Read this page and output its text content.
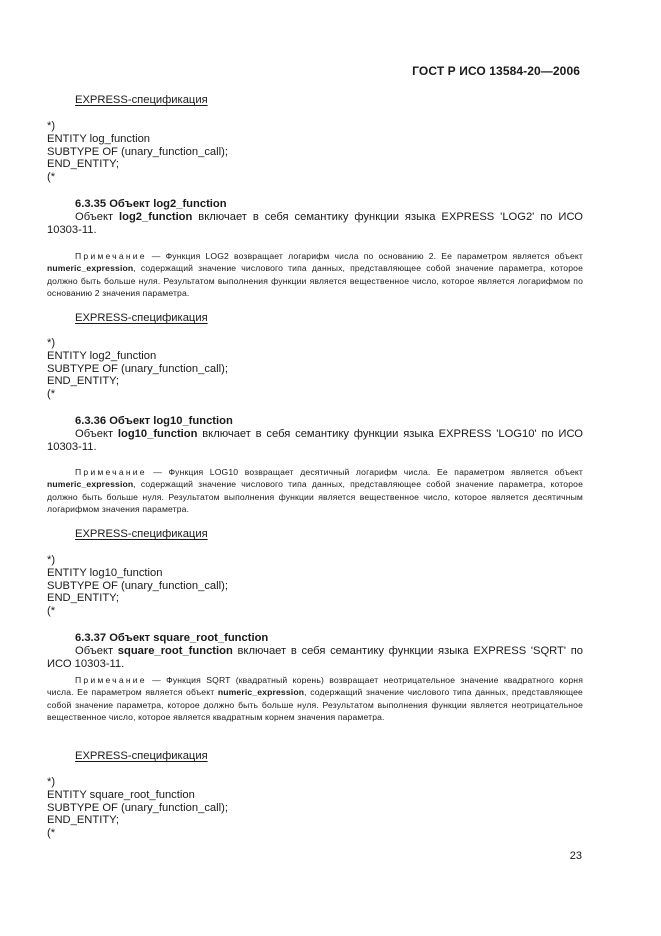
ГОСТ Р ИСО 13584-20—2006
EXPRESS-спецификация
*)
ENTITY log_function
SUBTYPE OF (unary_function_call);
END_ENTITY;
(*
6.3.35 Объект log2_function
Объект log2_function включает в себя семантику функции языка EXPRESS 'LOG2' по ИСО 10303-11.
Примечание — Функция LOG2 возвращает логарифм числа по основанию 2. Ее параметром является объект numeric_expression, содержащий значение числового типа данных, представляющее собой значение параметра, которое должно быть больше нуля. Результатом выполнения функции является вещественное число, которое является логарифмом по основанию 2 значения параметра.
EXPRESS-спецификация
*)
ENTITY log2_function
SUBTYPE OF (unary_function_call);
END_ENTITY;
(*
6.3.36 Объект log10_function
Объект log10_function включает в себя семантику функции языка EXPRESS 'LOG10' по ИСО 10303-11.
Примечание — Функция LOG10 возвращает десятичный логарифм числа. Ее параметром является объект numeric_expression, содержащий значение числового типа данных, представляющее собой значение параметра, которое должно быть больше нуля. Результатом выполнения функции является вещественное число, которое является десятичным логарифмом значения параметра.
EXPRESS-спецификация
*)
ENTITY log10_function
SUBTYPE OF (unary_function_call);
END_ENTITY;
(*
6.3.37 Объект square_root_function
Объект square_root_function включает в себя семантику функции языка EXPRESS 'SQRT' по ИСО 10303-11.
Примечание — Функция SQRT (квадратный корень) возвращает неотрицательное значение квадратного корня числа. Ее параметром является объект numeric_expression, содержащий значение числового типа данных, представляющее собой значение параметра, которое должно быть больше нуля. Результатом выполнения функции является неотрицательное вещественное число, которое является квадратным корнем значения параметра.
EXPRESS-спецификация
*)
ENTITY square_root_function
SUBTYPE OF (unary_function_call);
END_ENTITY;
(*
23
